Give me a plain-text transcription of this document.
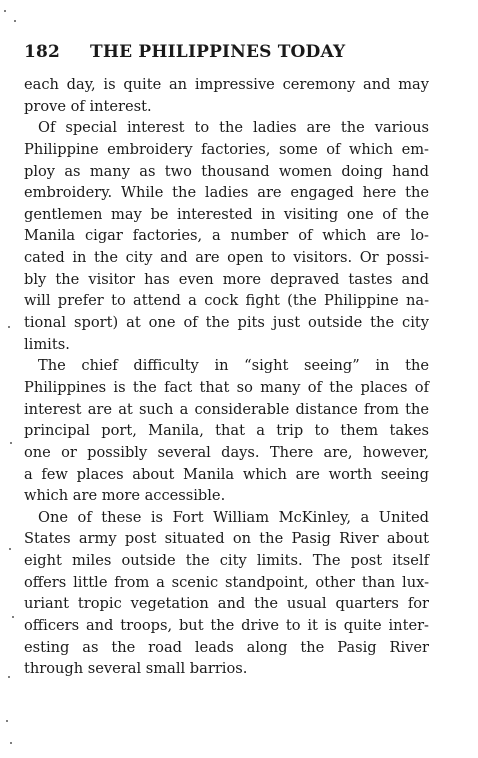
182 THE PHILIPPINES TODAY
each day, is quite an impressive ceremony and may
prove of interest.
Of special interest to the ladies are the various
Philippine embroidery factories, some of which em-
ploy as many as two thousand women doing hand
embroidery. While the ladies are engaged here the
gentlemen may be interested in visiting one of the
Manila cigar factories, a number of which are lo-
cated in the city and are open to visitors. Or possi-
bly the visitor has even more depraved tastes and
will prefer to attend a cock fight (the Philippine na-
tional sport) at one of the pits just outside the city
limits.
The chief difficulty in “sight seeing” in the
Philippines is the fact that so many of the places of
interest are at such a considerable distance from the
principal port, Manila, that a trip to them takes
one or possibly several days. There are, however,
a few places about Manila which are worth seeing
which are more accessible.
One of these is Fort William McKinley, a United
States army post situated on the Pasig River about
eight miles outside the city limits. The post itself
offers little from a scenic standpoint, other than lux-
uriant tropic vegetation and the usual quarters for
officers and troops, but the drive to it is quite inter-
esting as the road leads along the Pasig River
through several small barrios.
